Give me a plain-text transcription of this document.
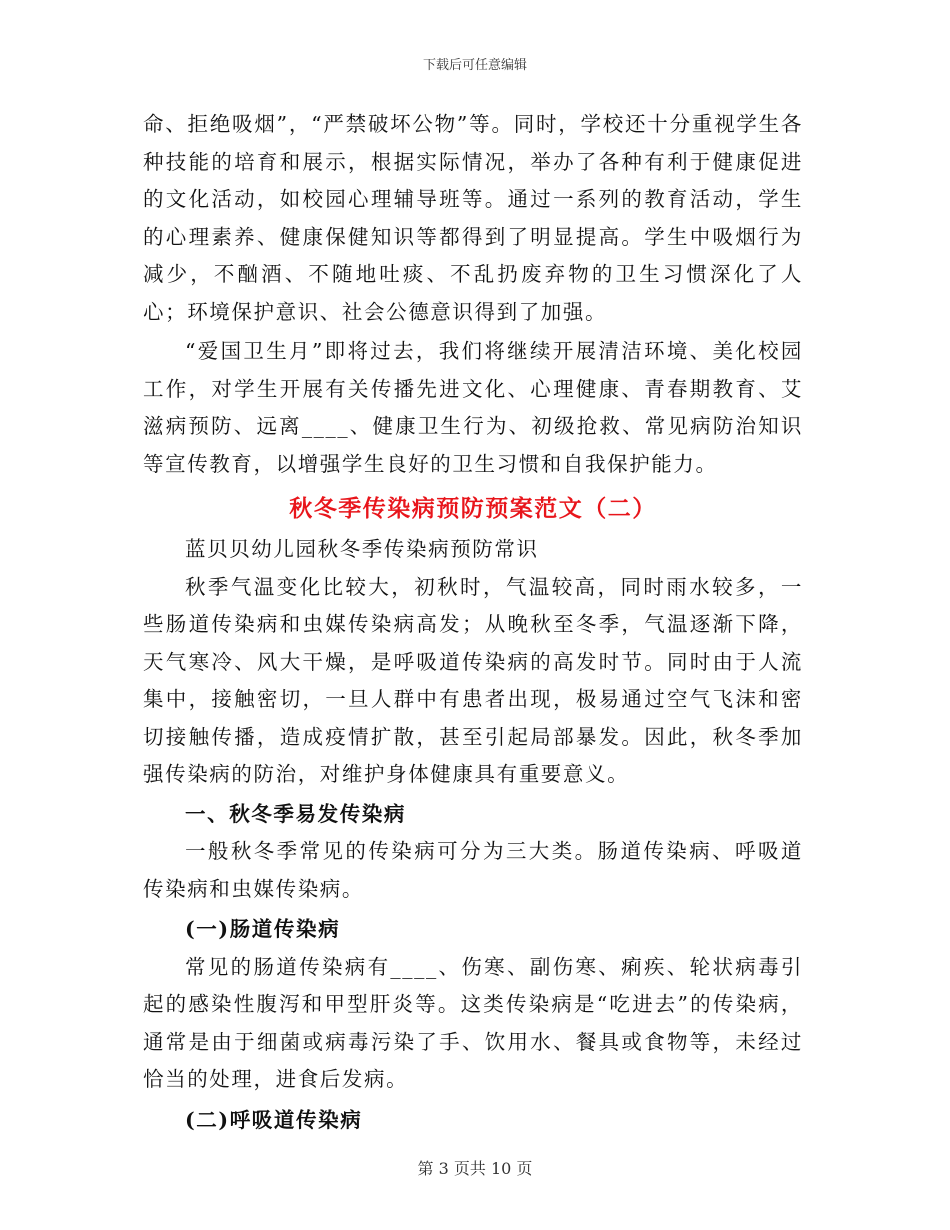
下载后可任意编辑

命、拒绝吸烟”，“严禁破坏公物”等。同时，学校还十分重视学生各种技能的培育和展示，根据实际情况，举办了各种有利于健康促进的文化活动，如校园心理辅导班等。通过一系列的教育活动，学生的心理素养、健康保健知识等都得到了明显提高。学生中吸烟行为减少，不酗酒、不随地吐痰、不乱扔废弃物的卫生习惯深化了人心；环境保护意识、社会公德意识得到了加强。

“爱国卫生月”即将过去，我们将继续开展清洁环境、美化校园工作，对学生开展有关传播先进文化、心理健康、青春期教育、艾滋病预防、远离____、健康卫生行为、初级抢救、常见病防治知识等宣传教育，以增强学生良好的卫生习惯和自我保护能力。

秋冬季传染病预防预案范文（二）

蓝贝贝幼儿园秋冬季传染病预防常识

秋季气温变化比较大，初秋时，气温较高，同时雨水较多，一些肠道传染病和虫媒传染病高发；从晚秋至冬季，气温逐渐下降，天气寒冷、风大干燥，是呼吸道传染病的高发时节。同时由于人流集中，接触密切，一旦人群中有患者出现，极易通过空气飞沫和密切接触传播，造成疫情扩散，甚至引起局部暴发。因此，秋冬季加强传染病的防治，对维护身体健康具有重要意义。

一、秋冬季易发传染病

一般秋冬季常见的传染病可分为三大类。肠道传染病、呼吸道传染病和虫媒传染病。

(一)肠道传染病

常见的肠道传染病有____、伤寒、副伤寒、痢疾、轮状病毒引起的感染性腹泻和甲型肝炎等。这类传染病是“吃进去”的传染病，通常是由于细菌或病毒污染了手、饮用水、餐具或食物等，未经过恰当的处理，进食后发病。

(二)呼吸道传染病

第 3 页共 10 页
